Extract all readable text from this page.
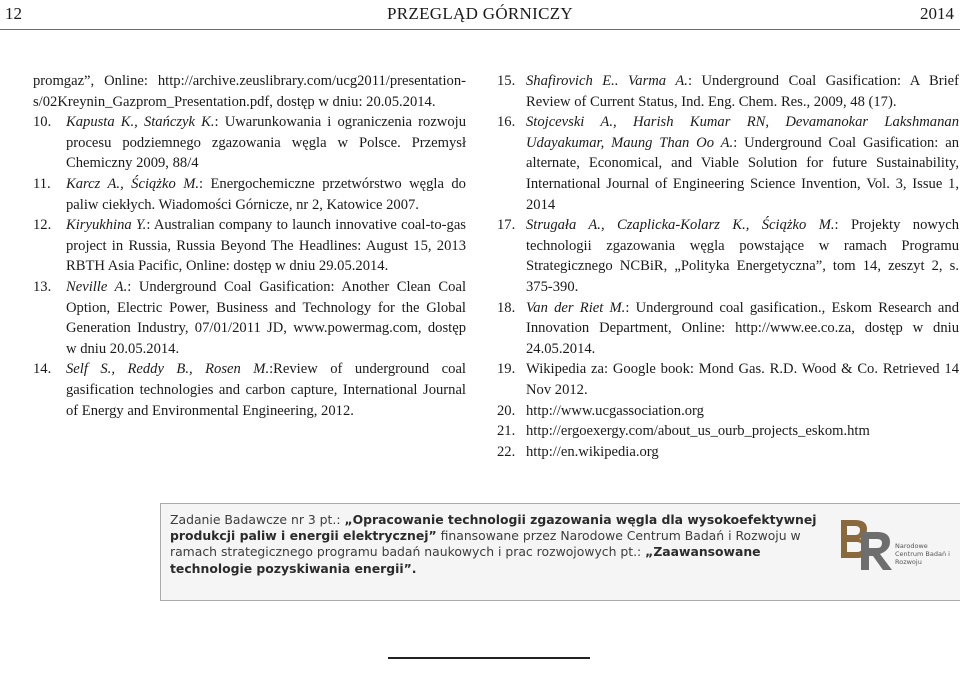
12	PRZEGLĄD GÓRNICZY	2014
promgaz”, Online: http://archive.zeuslibrary.com/ucg2011/presentation-s/02Kreynin_Gazprom_Presentation.pdf, dostęp w dniu: 20.05.2014.
10. Kapusta K., Stańczyk K.: Uwarunkowania i ograniczenia rozwoju procesu podziemnego zgazowania węgla w Polsce. Przemysł Chemiczny 2009, 88/4
11. Karcz A., Ściążko M.: Energochemiczne przetwórstwo węgla do paliw ciekłych. Wiadomości Górnicze, nr 2, Katowice 2007.
12. Kiryukhina Y.: Australian company to launch innovative coal-to-gas project in Russia, Russia Beyond The Headlines: August 15, 2013 RBTH Asia Pacific, Online: dostęp w dniu 29.05.2014.
13. Neville A.: Underground Coal Gasification: Another Clean Coal Option, Electric Power, Business and Technology for the Global Generation Industry, 07/01/2011 JD, www.powermag.com, dostęp w dniu 20.05.2014.
14. Self S., Reddy B., Rosen M.:Review of underground coal gasification technologies and carbon capture, International Journal of Energy and Environmental Engineering, 2012.
15. Shafirovich E.. Varma A.: Underground Coal Gasification: A Brief Review of Current Status, Ind. Eng. Chem. Res., 2009, 48 (17).
16. Stojcevski A., Harish Kumar RN, Devamanokar Lakshmanan Udayakumar, Maung Than Oo A.: Underground Coal Gasification: an alternate, Economical, and Viable Solution for future Sustainability, International Journal of Engineering Science Invention, Vol. 3, Issue 1, 2014
17. Strugała A., Czaplicka-Kolarz K., Ściążko M.: Projekty nowych technologii zgazowania węgla powstające w ramach Programu Strategicznego NCBiR, „Polityka Energetyczna”, tom 14, zeszyt 2, s. 375-390.
18. Van der Riet M.: Underground coal gasification., Eskom Research and Innovation Department, Online: http://www.ee.co.za, dostęp w dniu 24.05.2014.
19. Wikipedia za: Google book: Mond Gas. R.D. Wood & Co. Retrieved 14 Nov 2012.
20. http://www.ucgassociation.org
21. http://ergoexergy.com/about_us_ourb_projects_eskom.htm
22. http://en.wikipedia.org
Zadanie Badawcze nr 3 pt.: „Opracowanie technologii zgazowania węgla dla wysokoefektywnej produkcji paliw i energii elektrycznej” finansowane przez Narodowe Centrum Badań i Rozwoju w ramach strategicznego programu badań naukowych i prac rozwojowych pt.: „Zaawansowane technologie pozyskiwania energii”.
Narodowe Centrum Badań i Rozwoju
